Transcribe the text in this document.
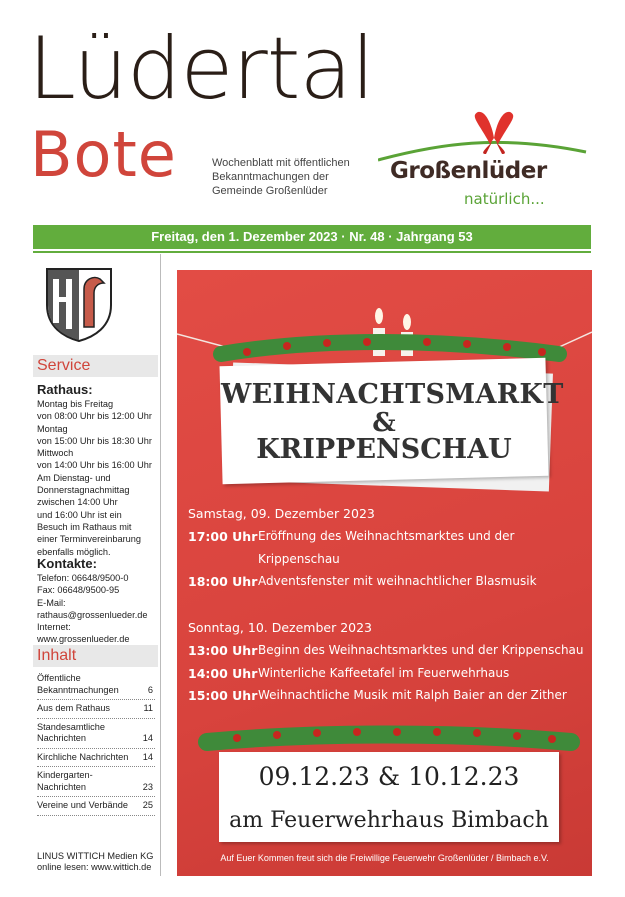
Lüdertal
Bote	Wochenblatt mit öffentlichen
Bekanntmachungen der
Gemeinde Großenlüder
Großenlüder
natürlich...
Freitag, den 1. Dezember 2023 · Nr. 48 · Jahrgang 53
Service
Rathaus:
Montag bis Freitag
von 08:00 Uhr bis 12:00 Uhr
Montag
von 15:00 Uhr bis 18:30 Uhr
Mittwoch
von 14:00 Uhr bis 16:00 Uhr
Am Dienstag- und
Donnerstagnachmittag
zwischen 14:00 Uhr
und 16:00 Uhr ist ein
Besuch im Rathaus mit
einer Terminvereinbarung
ebenfalls möglich.
Kontakte:
Telefon: 06648/9500-0
Fax: 06648/9500-95
E-Mail:
rathaus@grossenlueder.de
Internet:
www.grossenlueder.de
Inhalt
Öffentliche Bekanntmachungen	6
Aus dem Rathaus	11
Standesamtliche Nachrichten	14
Kirchliche Nachrichten	14
Kindergarten-Nachrichten	23
Vereine und Verbände	25
LINUS WITTICH Medien KG
online lesen: www.wittich.de
WEIHNACHTSMARKT
&
KRIPPENSCHAU
Samstag, 09. Dezember 2023
17:00 Uhr Eröffnung des Weihnachtsmarktes und der
Krippenschau
18:00 Uhr Adventsfenster mit weihnachtlicher Blasmusik
Sonntag, 10. Dezember 2023
13:00 Uhr Beginn des Weihnachtsmarktes und der Krippenschau
14:00 Uhr Winterliche Kaffeetafel im Feuerwehrhaus
15:00 Uhr Weihnachtliche Musik mit Ralph Baier an der Zither
09.12.23 & 10.12.23
am Feuerwehrhaus Bimbach
Auf Euer Kommen freut sich die Freiwillige Feuerwehr Großenlüder / Bimbach e.V.
